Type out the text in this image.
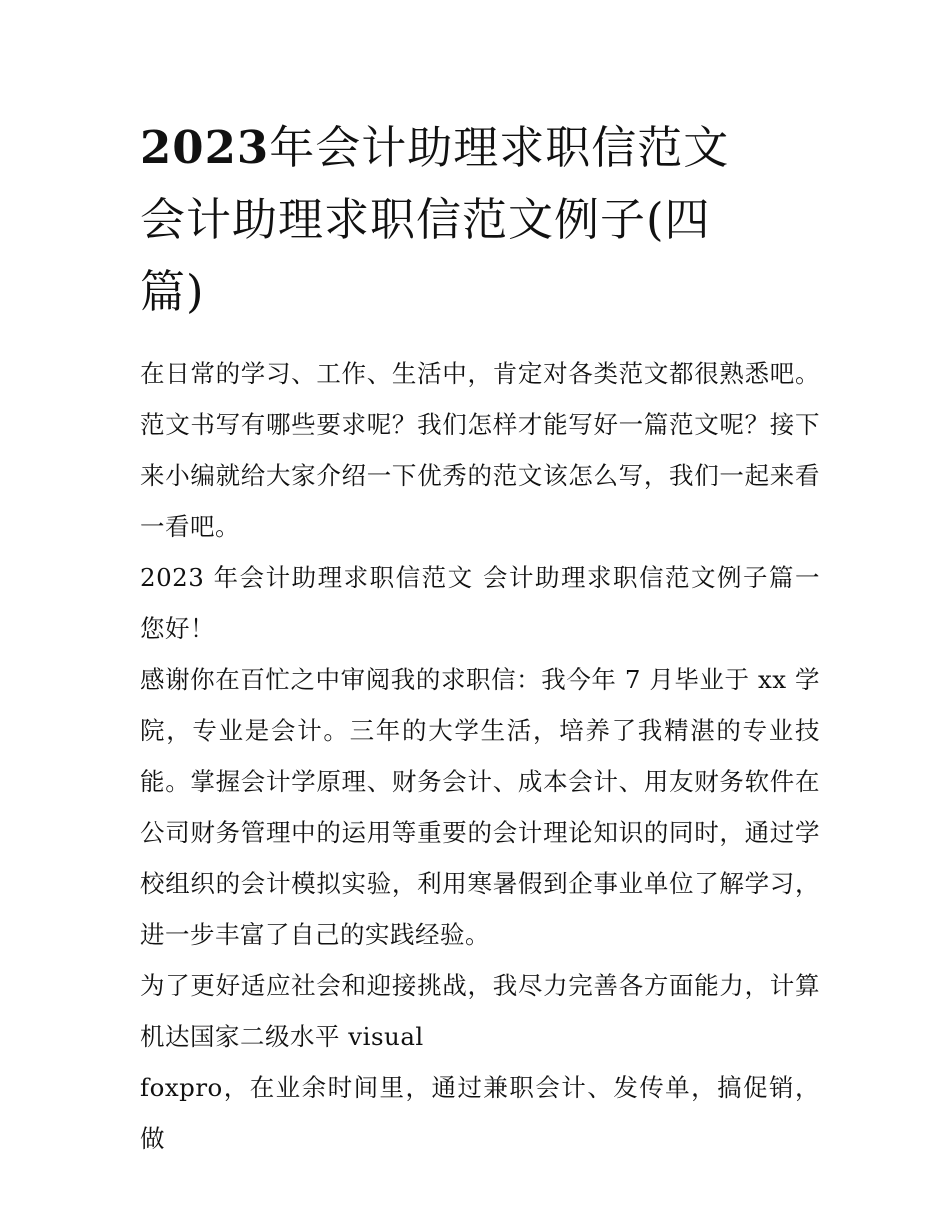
2023年会计助理求职信范文
会计助理求职信范文例子(四
篇)

在日常的学习、工作、生活中，肯定对各类范文都很熟悉吧。范文书写有哪些要求呢？我们怎样才能写好一篇范文呢？接下来小编就给大家介绍一下优秀的范文该怎么写，我们一起来看一看吧。

2023 年会计助理求职信范文 会计助理求职信范文例子篇一 您好！

感谢你在百忙之中审阅我的求职信：我今年 7 月毕业于 xx 学院，专业是会计。三年的大学生活，培养了我精湛的专业技能。掌握会计学原理、财务会计、成本会计、用友财务软件在公司财务管理中的运用等重要的会计理论知识的同时，通过学校组织的会计模拟实验，利用寒暑假到企事业单位了解学习，进一步丰富了自己的实践经验。

为了更好适应社会和迎接挑战，我尽力完善各方面能力，计算机达国家二级水平 visual

foxpro，在业余时间里，通过兼职会计、发传单，搞促销，做
